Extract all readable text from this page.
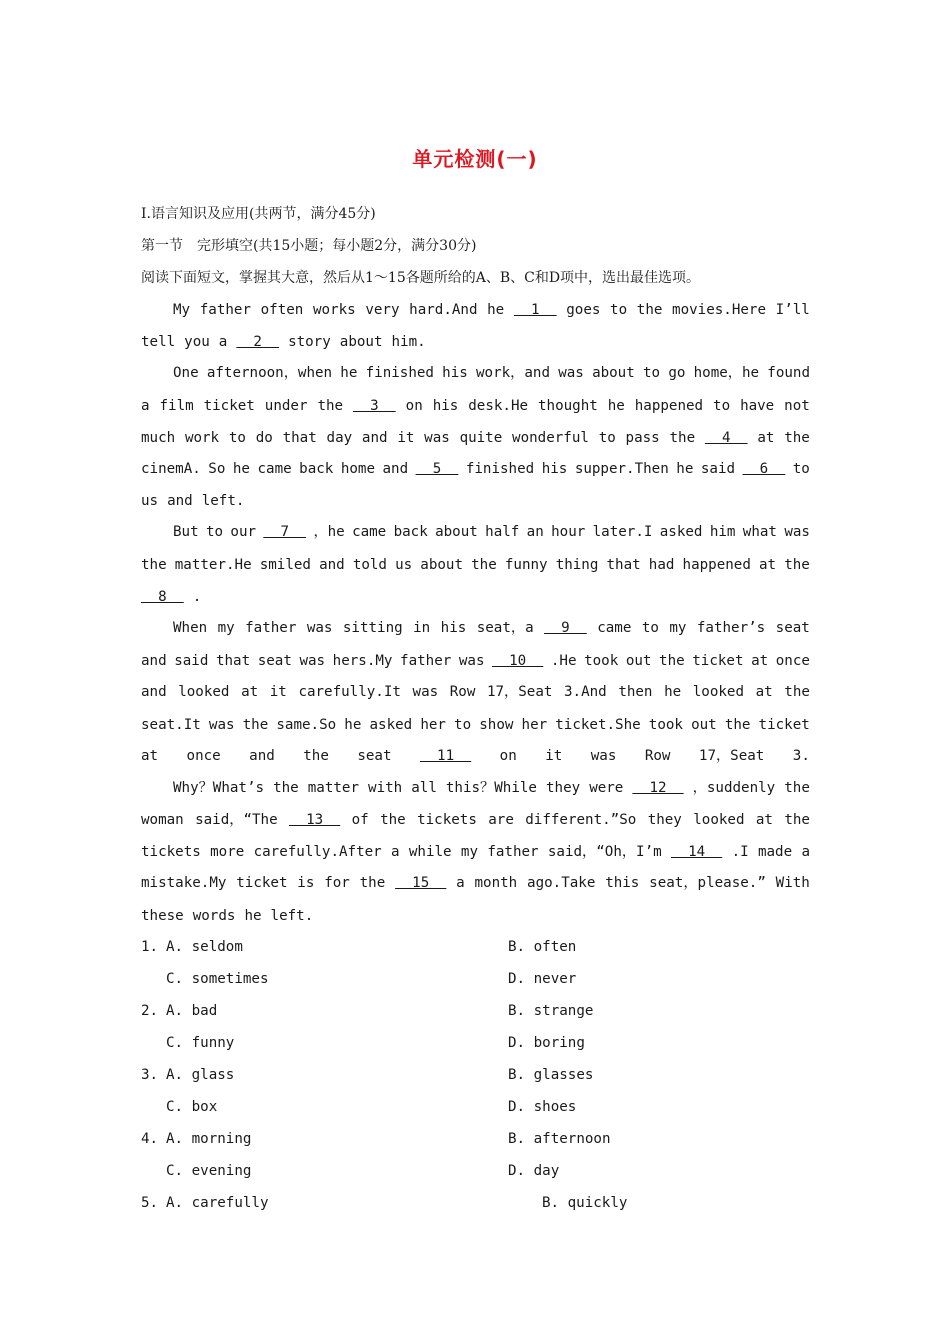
单元检测(一)
Ⅰ.语言知识及应用(共两节，满分45分)
第一节　完形填空(共15小题；每小题2分，满分30分)
阅读下面短文，掌握其大意，然后从1～15各题所给的A、B、C和D项中，选出最佳选项。
My father often works very hard.And he 1 goes to the movies.Here I’ll
tell you a 2 story about him.
One afternoon，when he finished his work，and was about to go home，he found
a film ticket under the 3 on his desk.He thought he happened to have not
much work to do that day and it was quite wonderful to pass the 4 at the
cinemA. So he came back home and 5 finished his supper.Then he said 6 to
us and left.
But to our 7 ，he came back about half an hour later.I asked him what was
the matter.He smiled and told us about the funny thing that had happened at the
8 .
When my father was sitting in his seat，a 9 came to my father’s seat
and said that seat was hers.My father was 10 .He took out the ticket at once
and looked at it carefully.It was Row 17，Seat 3.And then he looked at the
seat.It was the same.So he asked her to show her ticket.She took out the ticket
at once and the seat 11 on it was Row 17，Seat 3.
Why？What’s the matter with all this？While they were 12 ，suddenly the
woman said，“The 13 of the tickets are different.”So they looked at the
tickets more carefully.After a while my father said，“Oh，I’m 14 .I made a
mistake.My ticket is for the 15 a month ago.Take this seat，please.” With
these words he left.
1. A. seldom	B. often
C. sometimes	D. never
2. A. bad	B. strange
C. funny	D. boring
3. A. glass	B. glasses
C. box	D. shoes
4. A. morning	B. afternoon
C. evening	D. day
5. A. carefully	B. quickly
